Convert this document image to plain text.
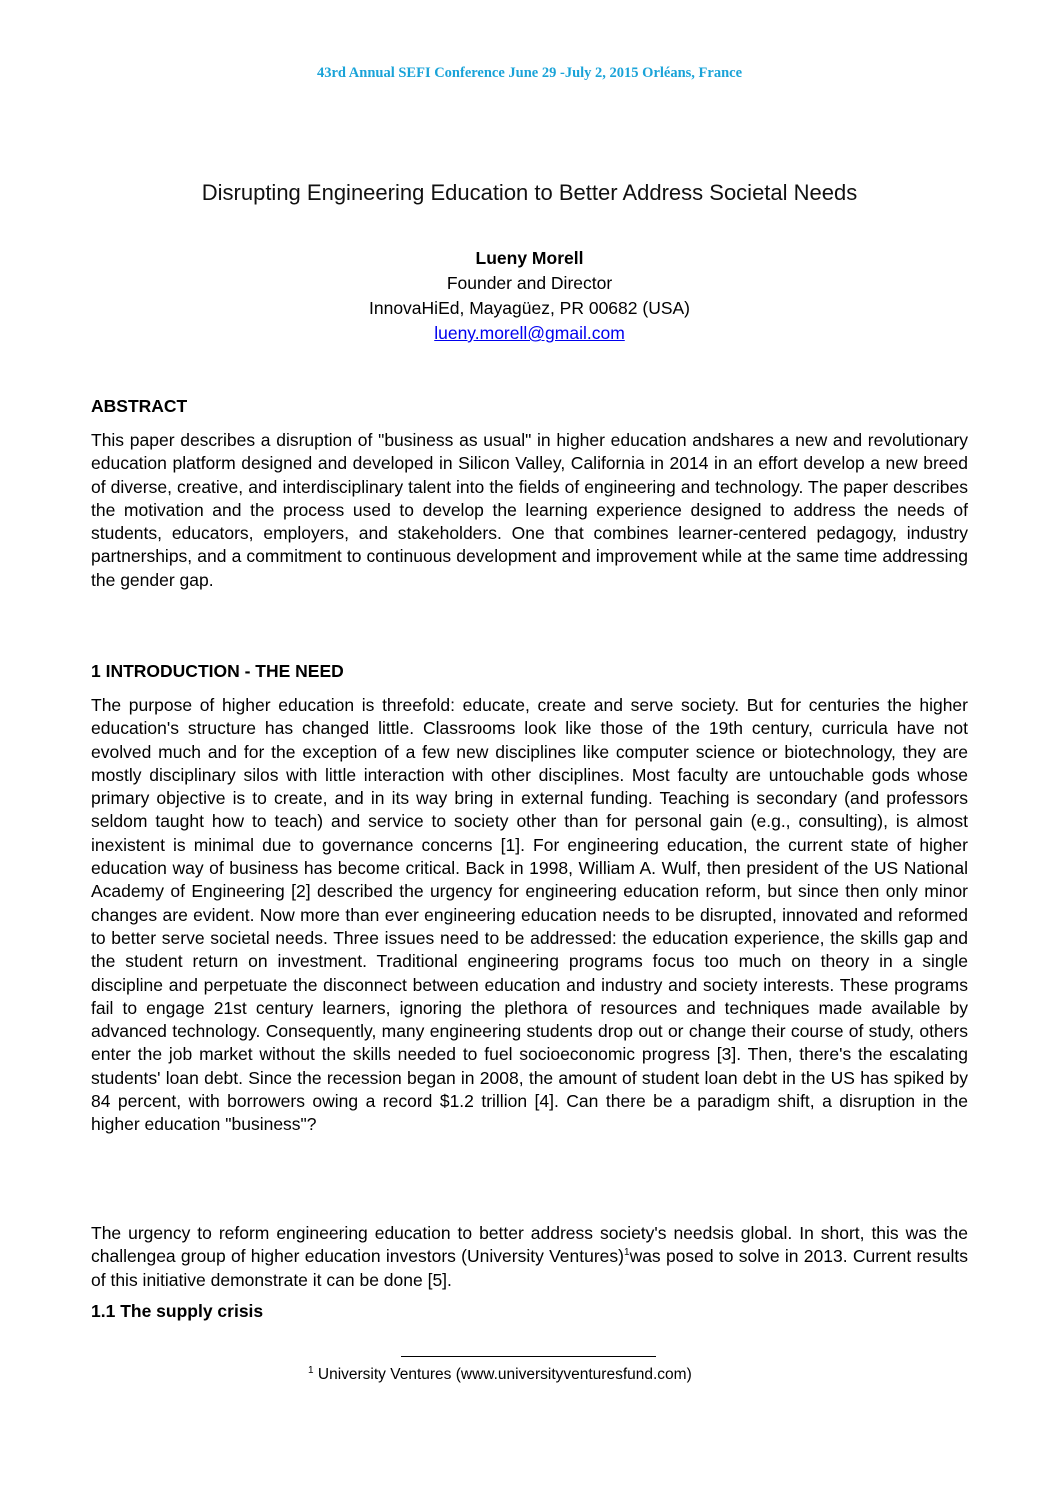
43rd Annual SEFI Conference June 29 -July 2, 2015 Orléans, France
Disrupting Engineering Education to Better Address Societal Needs
Lueny Morell
Founder and Director
InnovaHiEd, Mayagüez, PR 00682 (USA)
lueny.morell@gmail.com
ABSTRACT

This paper describes a disruption of "business as usual" in higher education andshares a new and revolutionary education platform designed and developed in Silicon Valley, California in 2014 in an effort develop a new breed of diverse, creative, and interdisciplinary talent into the fields of engineering and technology. The paper describes the motivation and the process used to develop the learning experience designed to address the needs of students, educators, employers, and stakeholders. One that combines learner-centered pedagogy, industry partnerships, and a commitment to continuous development and improvement while at the same time addressing the gender gap.

1 INTRODUCTION - THE NEED

The purpose of higher education is threefold: educate, create and serve society. But for centuries the higher education's structure has changed little. Classrooms look like those of the 19th century, curricula have not evolved much and for the exception of a few new disciplines like computer science or biotechnology, they are mostly disciplinary silos with little interaction with other disciplines. Most faculty are untouchable gods whose primary objective is to create, and in its way bring in external funding. Teaching is secondary (and professors seldom taught how to teach) and service to society other than for personal gain (e.g., consulting), is almost inexistent is minimal due to governance concerns [1]. For engineering education, the current state of higher education way of business has become critical. Back in 1998, William A. Wulf, then president of the US National Academy of Engineering [2] described the urgency for engineering education reform, but since then only minor changes are evident. Now more than ever engineering education needs to be disrupted, innovated and reformed to better serve societal needs. Three issues need to be addressed: the education experience, the skills gap and the student return on investment. Traditional engineering programs focus too much on theory in a single discipline and perpetuate the disconnect between education and industry and society interests. These programs fail to engage 21st century learners, ignoring the plethora of resources and techniques made available by advanced technology. Consequently, many engineering students drop out or change their course of study, others enter the job market without the skills needed to fuel socioeconomic progress [3]. Then, there's the escalating students' loan debt. Since the recession began in 2008, the amount of student loan debt in the US has spiked by 84 percent, with borrowers owing a record $1.2 trillion [4]. Can there be a paradigm shift, a disruption in the higher education "business"?

The urgency to reform engineering education to better address society's needsis global. In short, this was the challengea group of higher education investors (University Ventures)$^1$was posed to solve in 2013. Current results of this initiative demonstrate it can be done [5].

1.1 The supply crisis
$^1$ University Ventures (www.universityventuresfund.com)
